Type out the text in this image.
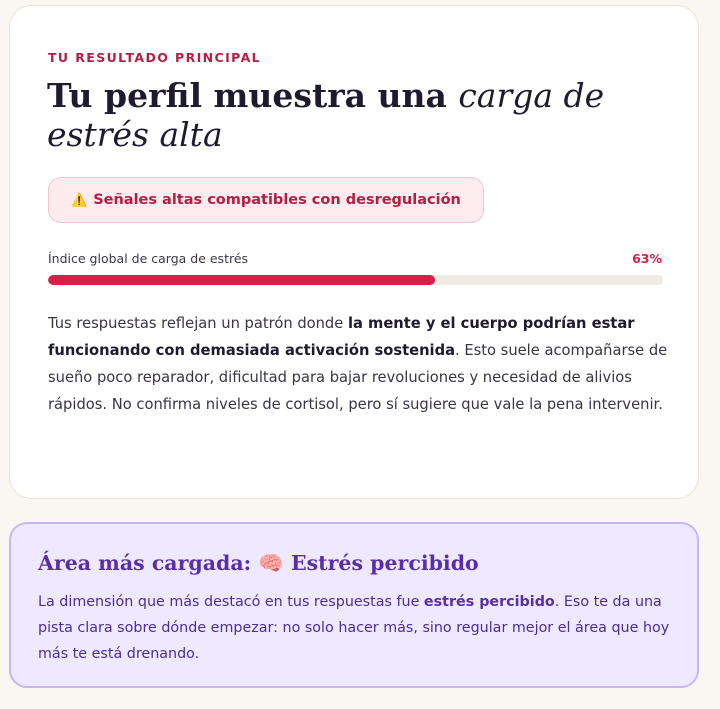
TU RESULTADO PRINCIPAL
Tu perfil muestra una carga de estrés alta
⚠️ Señales altas compatibles con desregulación
Índice global de carga de estrés	63%

Tus respuestas reflejan un patrón donde la mente y el cuerpo podrían estar funcionando con demasiada activación sostenida. Esto suele acompañarse de sueño poco reparador, dificultad para bajar revoluciones y necesidad de alivios rápidos. No confirma niveles de cortisol, pero sí sugiere que vale la pena intervenir.

Área más cargada: 🧠 Estrés percibido

La dimensión que más destacó en tus respuestas fue estrés percibido. Eso te da una pista clara sobre dónde empezar: no solo hacer más, sino regular mejor el área que hoy más te está drenando.
